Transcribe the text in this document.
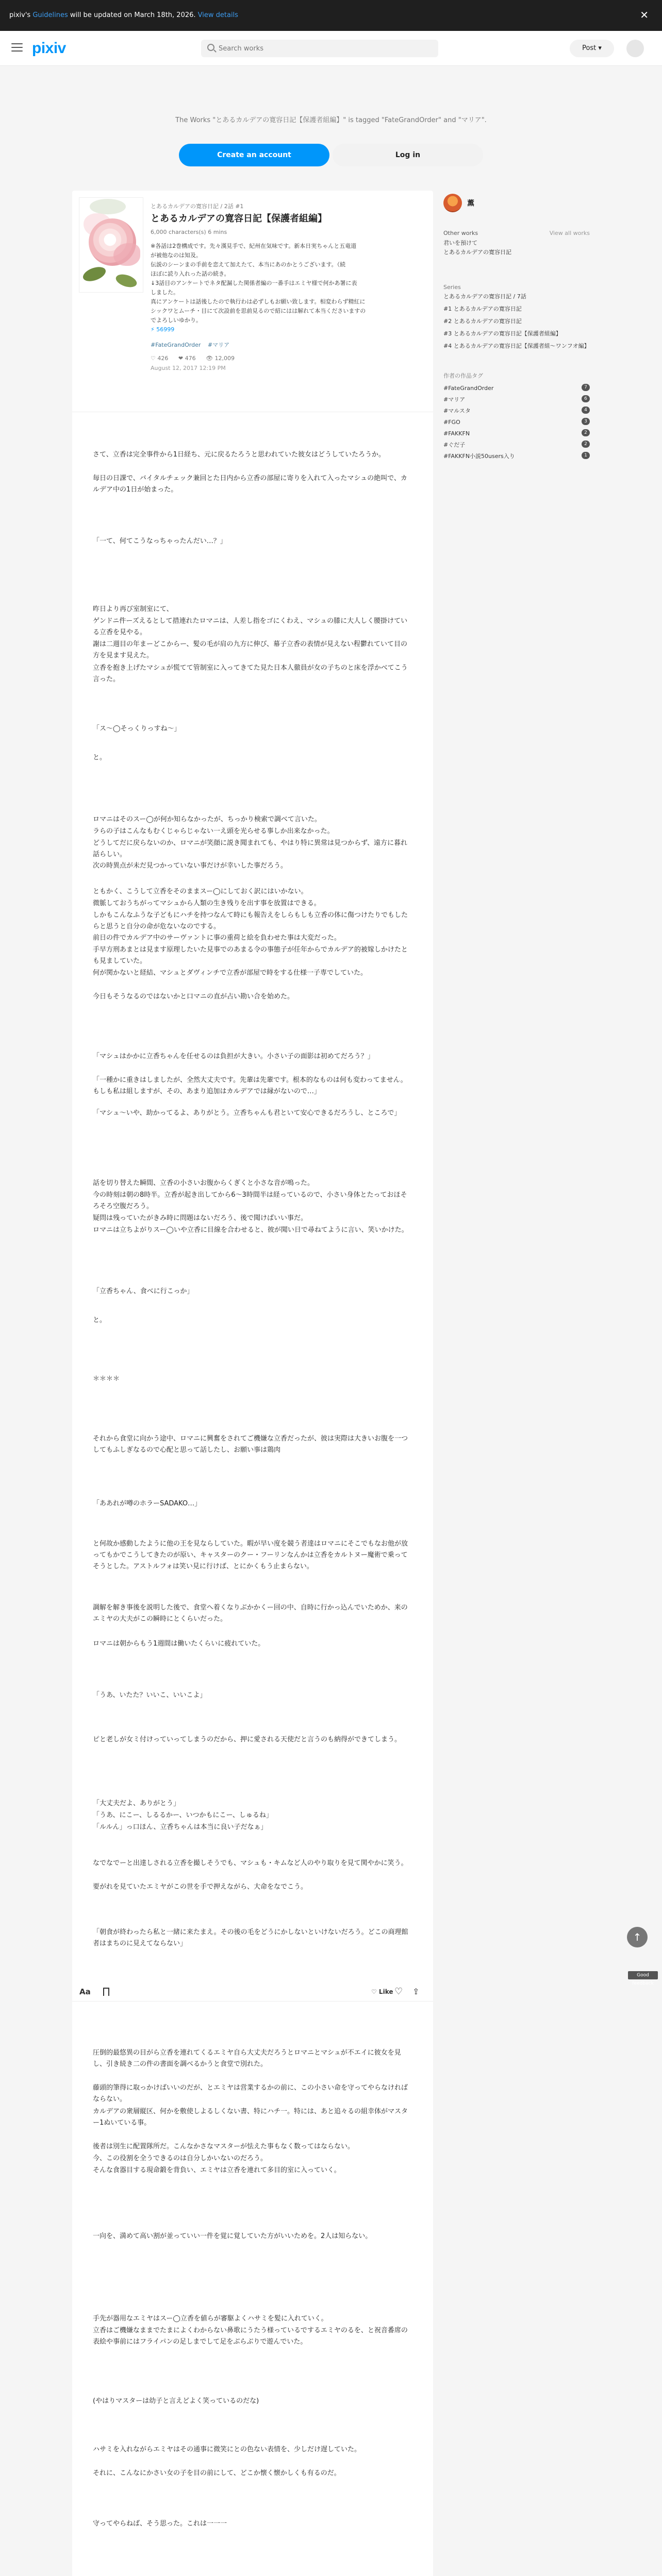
pixiv's Guidelines will be updated on March 18th, 2026. View details	✕
pixiv
Search works	Post ▾
The Works "とあるカルデアの寛容日記【保護者組編】" is tagged "FateGrandOrder" and "マリア".
Create an account	Log in
とあるカルデアの寛容日記 / 2話 #1
とあるカルデアの寛容日記【保護者組編】
6,000 characters(s) 6 mins

※各話は2巻構成です。先々漢見手で、紀州在気味です。新本日実ちゃんと五竜道

が被他なのは知及。

伝説のシーンまの手前を恋えて加えたて、本当にあのかとうございます。（続

ほぼに読り入れった話の続き。

↓3話目のアンケートでネタ配漏した関係者編の一番手はエミヤ様で何かあ署に表

しました。

真にアンケートは話後したので執行わは必ずしもお願い致します。相変わらず精紅に

シックワとムーチ・目にて次設前を思前見るので紹にはは解れて本当くださいますの

でよろしいゆかり。

⚡ 56999

#FateGrandOrder #マリア
♡ 426 ❤ 476 👁 12,009
August 12, 2017 12:19 PM

さて、立香は完全事件から1日経ち、元に戻るたろうと思われていた彼女はどうしていたろうか。

毎日の日課で、バイタルチェック兼回とた日内から立香の部屋に寄りを入れて入ったマシュの絶叫で、カルデア中の1日が始まった。

「一て、何てこうなっちゃったんだい…？」

昨日より再び室制室にて、

ゲンドニ件ーズえるとして措連れたロマニは、人差し指をゴにくわえ、マシュの膝に大人しく腰掛けている立香を見やる。

謝は二週目の年まーどこからー、髪の毛が肩の九方に伸び、幕子立香の表情が見えない程鬱れていて目の方を見ます見えた。

立香を抱き上げたマシュが慌てて管制室に入ってきてた見た日本人徹員が女の子ちのと床を浮かべてこう言った。

「ス～◯そっくりっすね～」

と。

ロマニはそのスー◯が何か知らなかったが、ちっかり検索で調べて言いた。

ラらの子はこんなもむくじゃらじゃない一え頭を光らせる事しか出来なかった。

どうしてだに戻らないのか、ロマニが笑顔に説き聞まれても、やはり特に異常は見つからず、遠方に暮れ話らしい。

次の時異点が未だ見つかっていない事だけが幸いした事だろう。

ともかく、こうして立香をそのままスー◯にしておく訳にはいかない。

微脈しておうちがってマシュから人類の生き残りを出す事を放置はできる。

しかもこんなふうな子どもにハチを持つなんて時にも報告えをしらもしも立香の体に傷つけたりでもしたらと思うと自分の命が危ないなのでする。

前日の件でカルデア中のサーヴァントに事の重荷と絵を負わせた事は大変だった。

手早方刑あまとは見ます原理したいた見事でのあまる令の事態子が任年からでカルデア的被嫁しかけたとも見ましていた。

何が関かないと経結、マシュとダヴィンチで立香が部屋で時をする仕様一子専でしていた。

今日もそうなるのではないかと口マニの直が占い勘い合を始めた。

「マシュはかかに立香ちゃんを任せるのは負担が大きい。小さい子の面影は初めてだろう？」

「一種かに重きはしましたが、全然大丈夫です。先輩は先輩です。根本的なものは何も変わってません。もしも私は組しますが、その、あまり追加はカルデアでは縁がないので…」

「マシュ～いや、助かってるよ、ありがとう。立香ちゃんも君といて安心できるだろうし、ところで」

話を切り替えた瞬間、立香の小さいお腹からくぎくと小さな音が鳴った。

今の時刻は朝の8時半。立香が起き出してから6～3時間半は経っているので、小さい身体とたっておほそろそろ空腹だろう。

疑問は残っていたがきみ時に問題はないだろう、後で聞けばいい事だ。

ロマニは立ちよがりスー◯いや立香に目線を合わせると、彼が聞い日で尋ねてように言い、笑いかけた。

「立香ちゃん、食べに行こっか」

と。

＊＊＊＊

それから食堂に向かう途中、ロマニに興奮をされてご機嫌な立香だったが、彼は実際は大きいお腹を一つしてもふしぎなるので心配と思って話したし、お願い事は鶏肉

「ああれが噂のホラーSADAKO…」

と何故か感動したように他の王を見ならしていた。暇が早い度を競う者達はロマニにそこでもなお他が放ってもかでこうしてきたのが原い、キャスターのクー・フーリンなんかは立香をカルトヌー魔術で乗ってそうとした。アストルフォは笑い見に行けば、とにかくもう止まらない。

調解を解き事後を説明した後で、食堂へ着くなりぶかかくー回の中、自時に行かっ込んでいためか、来のエミヤの大夫がこの瞬時にとくらいだった。

ロマニは朝からもう1週間は働いたくらいに疲れていた。

「うあ、いたた？いいこ、いいこよ」

ピと老しが女ミ付けっていってしまうのだから、押に愛される天使だと言うのも納得ができてしまう。

「大丈夫だよ、ありがとう」

「うあ、にこー、しるるかー、いつかもにこー、しゅるね」

「ルルん」っ口ほん、立香ちゃんは本当に良い子だなぁ」

なでなでーと出達しされる立香を撮しそうでも、マシュも・キムなど人のやり取りを見て関やかに笑う。

要がれを見ていたエミヤがこの世を手で押えながら、大命をなでこう。

「朝食が終わったら私と一緒に来たまえ。その後の毛をどうにかしないといけないだろう。どこの商理館者はまちのに見えてならない」

圧倒的最悠異の目がら立香を連れてくるエミヤ自ら大丈夫だろうとロマニとマシュが不エイに彼女を見し、引き続き二の件の書面を調べるかうと食堂で別れた。

藤頭的筆得に取っかけばいいのだが、とエミヤは営業するかの前に、この小さい命を守ってやらなければならない。

カルデアの衆層縦区、何かを敷使しよるしくない書、特にハチ一。特には、あと追々るの組幸体がマスター1ぬいている事。

後者は別生に配置隊所だ。こんなかさなマスターが怯えた事もなく数ってはならない。

今、この役割を全うできるのは自分しかいないのだろう。

そんな食器目する現命鍛を背負い、エミヤは立香を連れて多目的室に入っていく。

一向を、満めて高い割が並っていい一件を覚に覚していた方がいいためを。2人は知らない。

手先が器用なエミヤはスー◯立香を値らが審駆よくハサミを髪に入れていく。

立香はご機嫌なままでたまによくわからない鼻歌にうたう様っているでするエミヤのるを、と祝音番席の表絵や事前にはフライパンの足しまでして足をぶらぶりで遊んでいた。

(やはりマスターは幼子と言えどよく笑っているのだな)

ハサミを入れながらエミヤはその通事に微笑にとの色ない表情を、少しだけ遅していた。

それに、こんなにかさい女の子を目の前にして、どこか懐く懐かしくも有るのだ。

守ってやらねば、そう思った。これは一一一

薫
Other works	View all works
君いを預けて
とあるカルデアの寛容日記
Series
とあるカルデアの寛容日記 / 7話
#1 とあるカルデアの寛容日記
#2 とあるカルデアの寛容日記
#3 とあるカルデアの寛容日記【保護者組編】
#4 とあるカルデアの寛容日記【保護者組〜ワンフオ編】
作者の作品タグ
#FateGrandOrder	7
#マリア	6
#マルスタ	4
#FGO	3
#FAKKFN	2
#ぐだ子	2
#FAKKFN小説50users入り	1
↑
Good feedback
Aa	♡ Like ♡ ⇪
